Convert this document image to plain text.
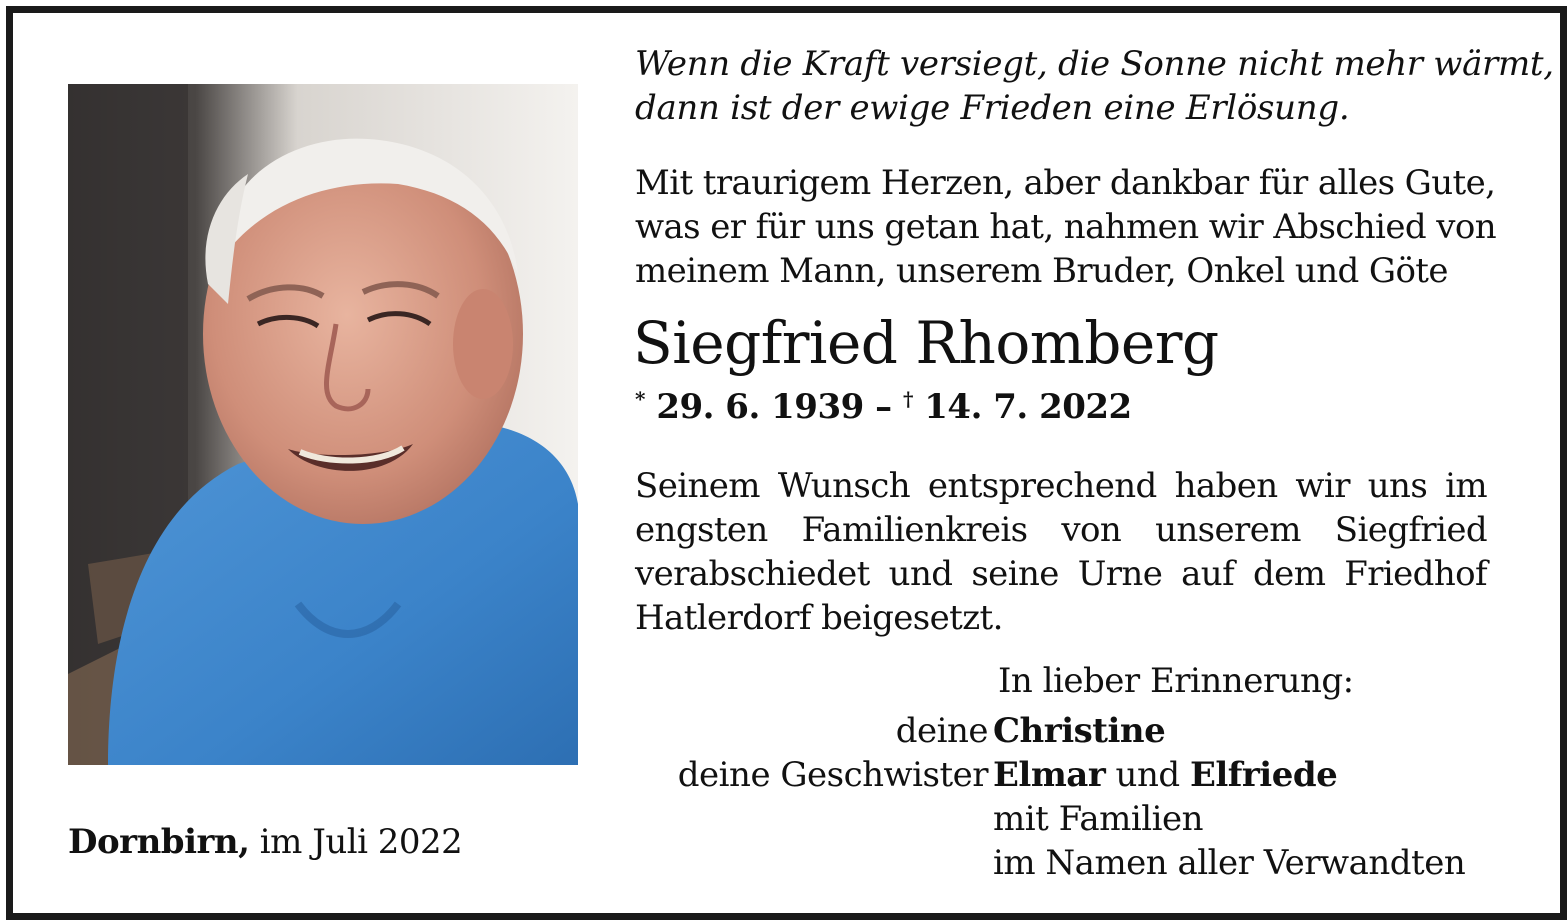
Dornbirn, im Juli 2022
Wenn die Kraft versiegt, die Sonne nicht mehr wärmt,
dann ist der ewige Frieden eine Erlösung.
Mit traurigem Herzen, aber dankbar für alles Gute,
was er für uns getan hat, nahmen wir Abschied von
meinem Mann, unserem Bruder, Onkel und Göte
Siegfried Rhomberg
* 29. 6. 1939 – † 14. 7. 2022
Seinem Wunsch entsprechend haben wir uns im
engsten Familienkreis von unserem Siegfried
verabschiedet und seine Urne auf dem Friedhof
Hatlerdorf beigesetzt.
In lieber Erinnerung:
deine Christine
deine Geschwister Elmar und Elfriede
mit Familien
im Namen aller Verwandten
